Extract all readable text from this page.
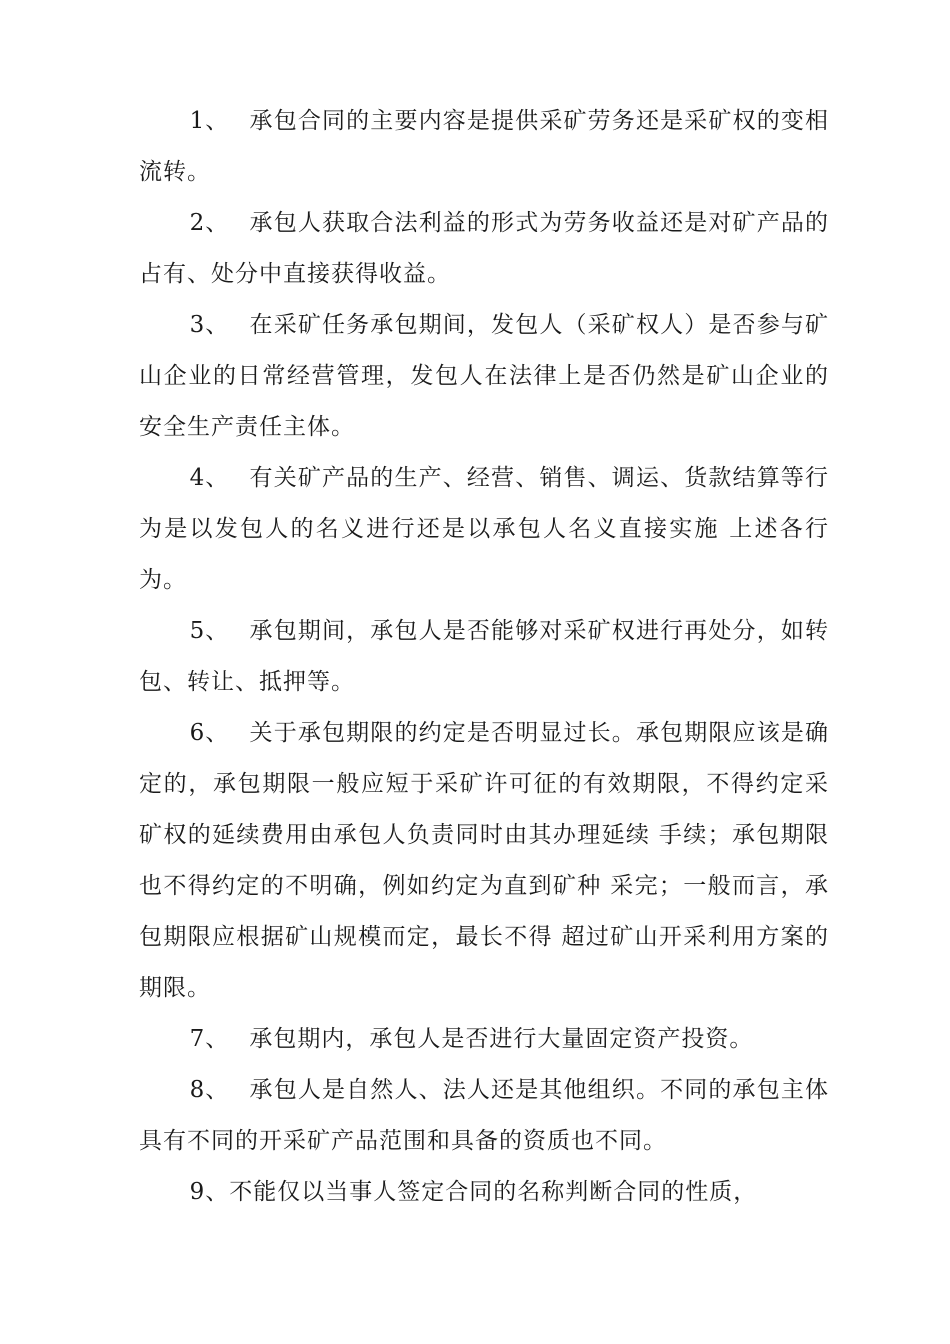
1、 承包合同的主要内容是提供采矿劳务还是采矿权的变相流转。

2、 承包人获取合法利益的形式为劳务收益还是对矿产品的占有、处分中直接获得收益。

3、 在采矿任务承包期间，发包人（采矿权人）是否参与矿山企业的日常经营管理，发包人在法律上是否仍然是矿山企业的安全生产责任主体。

4、 有关矿产品的生产、经营、销售、调运、货款结算等行为是以发包人的名义进行还是以承包人名义直接实施 上述各行为。

5、 承包期间，承包人是否能够对采矿权进行再处分，如转包、转让、抵押等。

6、 关于承包期限的约定是否明显过长。承包期限应该是确定的，承包期限一般应短于采矿许可征的有效期限，不得约定采矿权的延续费用由承包人负责同时由其办理延续 手续；承包期限也不得约定的不明确，例如约定为直到矿种 采完；一般而言，承包期限应根据矿山规模而定，最长不得 超过矿山开采利用方案的期限。

7、 承包期内，承包人是否进行大量固定资产投资。

8、 承包人是自然人、法人还是其他组织。不同的承包主体具有不同的开采矿产品范围和具备的资质也不同。

9、不能仅以当事人签定合同的名称判断合同的性质，
